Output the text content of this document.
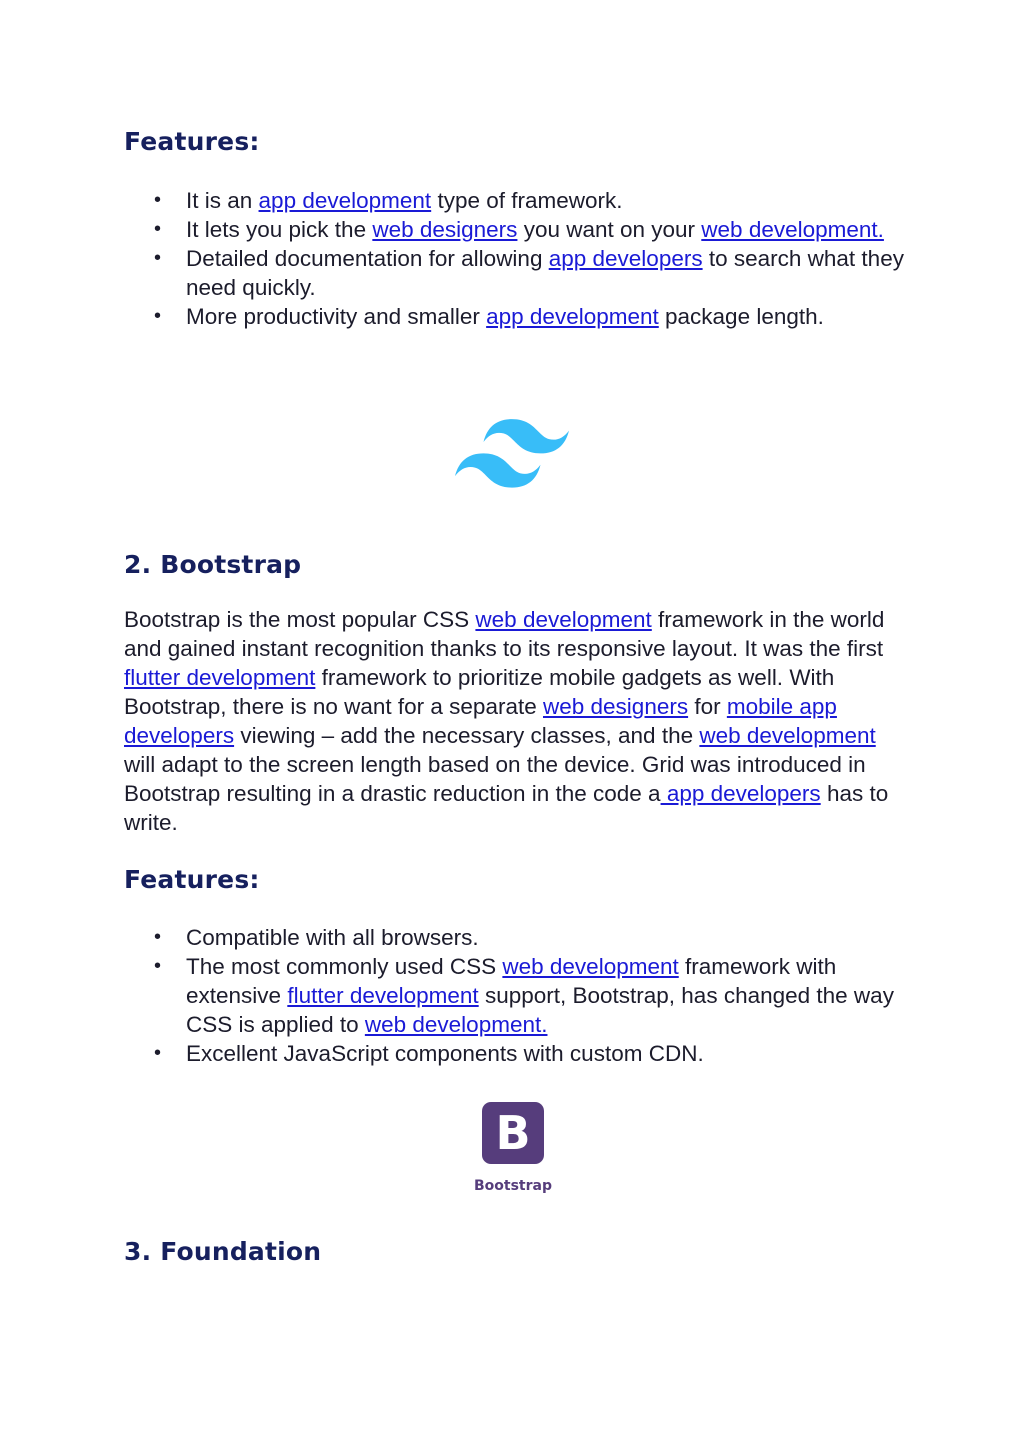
Features:
• It is an app development type of framework.
• It lets you pick the web designers you want on your web development.
• Detailed documentation for allowing app developers to search what they need quickly.
• More productivity and smaller app development package length.
2. Bootstrap

Bootstrap is the most popular CSS web development framework in the world and gained instant recognition thanks to its responsive layout. It was the first flutter development framework to prioritize mobile gadgets as well. With Bootstrap, there is no want for a separate web designers for mobile app developers viewing – add the necessary classes, and the web development will adapt to the screen length based on the device. Grid was introduced in Bootstrap resulting in a drastic reduction in the code a app developers has to write.

Features:
• Compatible with all browsers.
• The most commonly used CSS web development framework with extensive flutter development support, Bootstrap, has changed the way CSS is applied to web development.
• Excellent JavaScript components with custom CDN.
B
Bootstrap
3. Foundation
